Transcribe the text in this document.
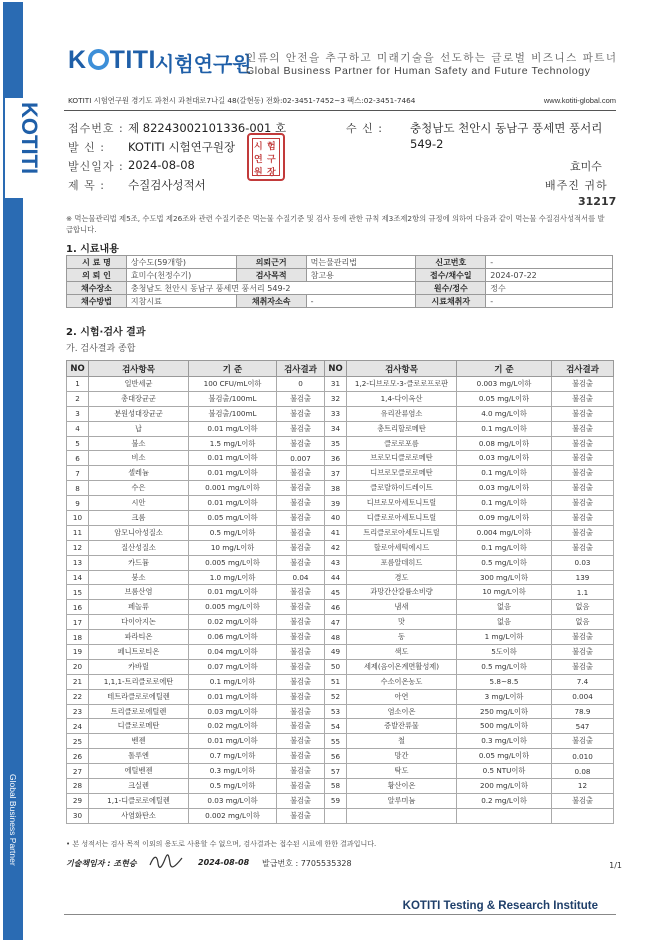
KOTITI
Global Business Partner
K TITI 시험연구원
인류의 안전을 추구하고 미래기술을 선도하는 글로벌 비즈니스 파트너
Global Business Partner for Human Safety and Future Technology
KOTITI 시험연구원 경기도 과천시 과천대로7나길 48(갈현동) 전화:02-3451-7452~3 팩스:02-3451-7464	www.kotiti-global.com
접수번호 : 제 82243002101336-001 호
발 신 :	KOTITI 시험연구원장
발신일자 : 2024-08-08
제 목 :	수질검사성적서
수 신 : 충청남도 천안시 동남구 풍세면 풍서리
549-2
효미수
배주진 귀하
31217
시 험
연 구
원 장
※ 먹는물관리법 제5조, 수도법 제26조와 관련 수질기준은 먹는물 수질기준 및 검사 등에 관한 규칙 제3조제2항의 규정에 의하여 다음과 같이 먹는물 수질검사성적서를 발급합니다.
1. 시료내용
시 료 명	상수도(59개항)	의뢰근거	먹는물관리법	신고번호	-
의 뢰 인	효미수(천정수기)	검사목적	참고용	접수/채수일	2024-07-22
채수장소	충청남도 천안시 동남구 풍세면 풍서리 549-2			원수/정수	정수
채수방법	지참시료	채취자소속	-	시료채취자	-
2. 시험·검사 결과
가. 검사결과 종합
NO	검사항목	기 준	검사결과	NO	검사항목	기 준	검사결과
1	일반세균	100 CFU/mL이하	0	31	1,2-디브로모-3-클로로프로판	0.003 mg/L이하	불검출
2	총대장균군	불검출/100mL	불검출	32	1,4-다이옥산	0.05 mg/L이하	불검출
3	분원성대장균군	불검출/100mL	불검출	33	유리잔류염소	4.0 mg/L이하	불검출
4	납	0.01 mg/L이하	불검출	34	총트리할로메탄	0.1 mg/L이하	불검출
5	불소	1.5 mg/L이하	불검출	35	클로로포름	0.08 mg/L이하	불검출
6	비소	0.01 mg/L이하	0.007	36	브로모디클로로메탄	0.03 mg/L이하	불검출
7	셀레늄	0.01 mg/L이하	불검출	37	디브로모클로로메탄	0.1 mg/L이하	불검출
8	수은	0.001 mg/L이하	불검출	38	클로랄하이드레이트	0.03 mg/L이하	불검출
9	시안	0.01 mg/L이하	불검출	39	디브로모아세토니트릴	0.1 mg/L이하	불검출
10	크롬	0.05 mg/L이하	불검출	40	디클로로아세토니트릴	0.09 mg/L이하	불검출
11	암모니아성질소	0.5 mg/L이하	불검출	41	트리클로로아세토니트릴	0.004 mg/L이하	불검출
12	질산성질소	10 mg/L이하	불검출	42	할로아세틱에시드	0.1 mg/L이하	불검출
13	카드뮴	0.005 mg/L이하	불검출	43	포름알데히드	0.5 mg/L이하	0.03
14	붕소	1.0 mg/L이하	0.04	44	경도	300 mg/L이하	139
15	브롬산염	0.01 mg/L이하	불검출	45	과망간산칼륨소비량	10 mg/L이하	1.1
16	페놀류	0.005 mg/L이하	불검출	46	냄새	없음	없음
17	다이아지논	0.02 mg/L이하	불검출	47	맛	없음	없음
18	파라티온	0.06 mg/L이하	불검출	48	동	1 mg/L이하	불검출
19	페니트로티온	0.04 mg/L이하	불검출	49	색도	5도이하	불검출
20	카바릴	0.07 mg/L이하	불검출	50	세제(음이온계면활성제)	0.5 mg/L이하	불검출
21	1,1,1-트리클로로에탄	0.1 mg/L이하	불검출	51	수소이온농도	5.8~8.5	7.4
22	테트라클로로에틸렌	0.01 mg/L이하	불검출	52	아연	3 mg/L이하	0.004
23	트리클로로에틸렌	0.03 mg/L이하	불검출	53	염소이온	250 mg/L이하	78.9
24	디클로로메탄	0.02 mg/L이하	불검출	54	증발잔류물	500 mg/L이하	547
25	벤젠	0.01 mg/L이하	불검출	55	철	0.3 mg/L이하	불검출
26	톨루엔	0.7 mg/L이하	불검출	56	망간	0.05 mg/L이하	0.010
27	에틸벤젠	0.3 mg/L이하	불검출	57	탁도	0.5 NTU이하	0.08
28	크실렌	0.5 mg/L이하	불검출	58	황산이온	200 mg/L이하	12
29	1,1-디클로로에틸렌	0.03 mg/L이하	불검출	59	알루미늄	0.2 mg/L이하	불검출
30	사염화탄소	0.002 mg/L이하	불검출				
• 본 성적서는 검사 목적 이외의 용도로 사용할 수 없으며, 검사결과는 접수된 시료에 한한 결과입니다.
기술책임자 : 조현승	2024-08-08 발급번호 : 7705535328	1/1
KOTITI Testing & Research Institute
